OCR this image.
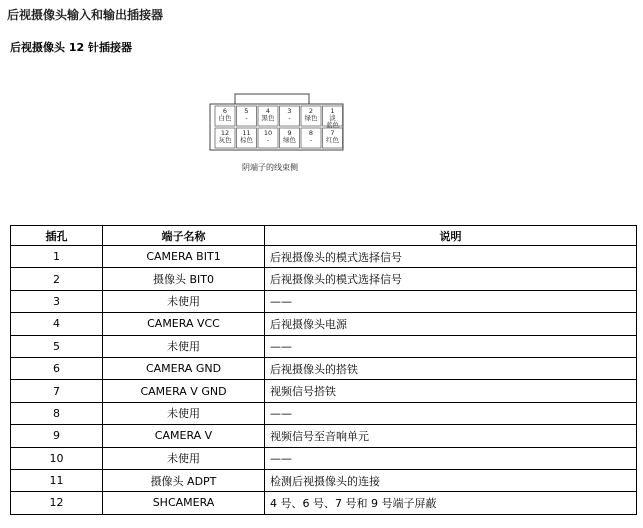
后视摄像头输入和输出插接器
后视摄像头 12 针插接器
6
白色
5
-
4
黑色
3
-
2
绿色
1
淡
蓝色
12
灰色
11
棕色
10
-
9
绿色
8
-
7
红色
阴端子的线束侧
插孔	端子名称	说明
1	CAMERA BIT1	后视摄像头的模式选择信号
2	摄像头 BIT0	后视摄像头的模式选择信号
3	未使用	——
4	CAMERA VCC	后视摄像头电源
5	未使用	——
6	CAMERA GND	后视摄像头的搭铁
7	CAMERA V GND	视频信号搭铁
8	未使用	——
9	CAMERA V	视频信号至音响单元
10	未使用	——
11	摄像头 ADPT	检测后视摄像头的连接
12	SHCAMERA	4 号、6 号、7 号和 9 号端子屏蔽
